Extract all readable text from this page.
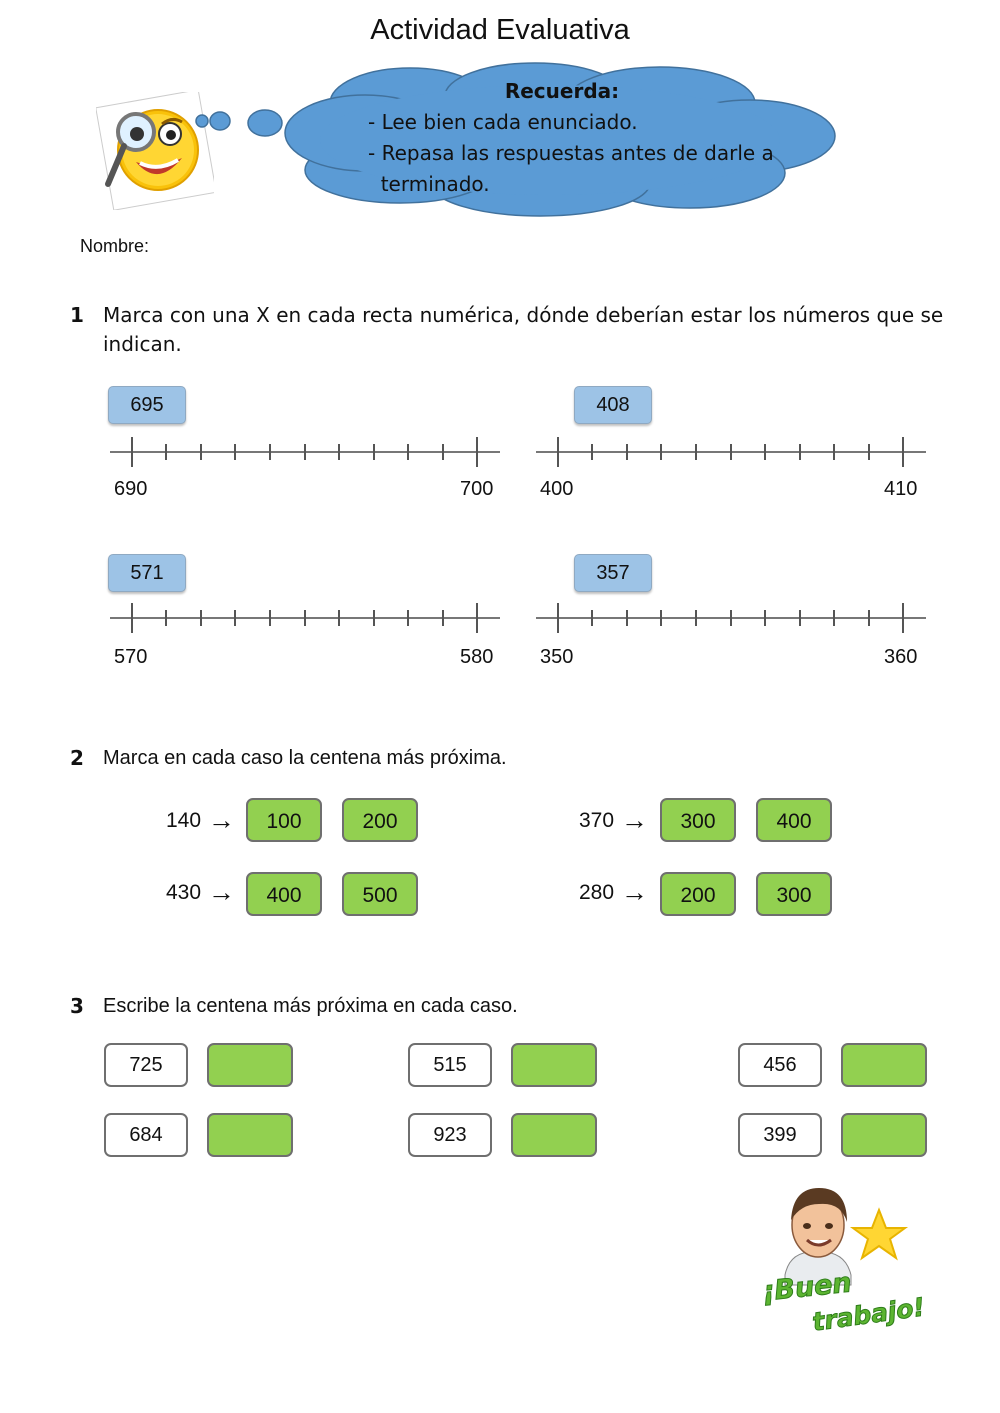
Actividad Evaluativa
Recuerda:
- Lee bien cada enunciado.
- Repasa las respuestas antes de darle a
terminado.
Nombre:
1 Marca con una X en cada recta numérica, dónde deberían estar los números que se
indican.
695
690	700
408
400	410
571
570	580
357
350	360
2 Marca en cada caso la centena más próxima.
140 →	100	200	370 →	300	400
430 →	400	500	280 →	200	300
3 Escribe la centena más próxima en cada caso.
725	515	456
684	923	399
¡Buen
trabajo!
